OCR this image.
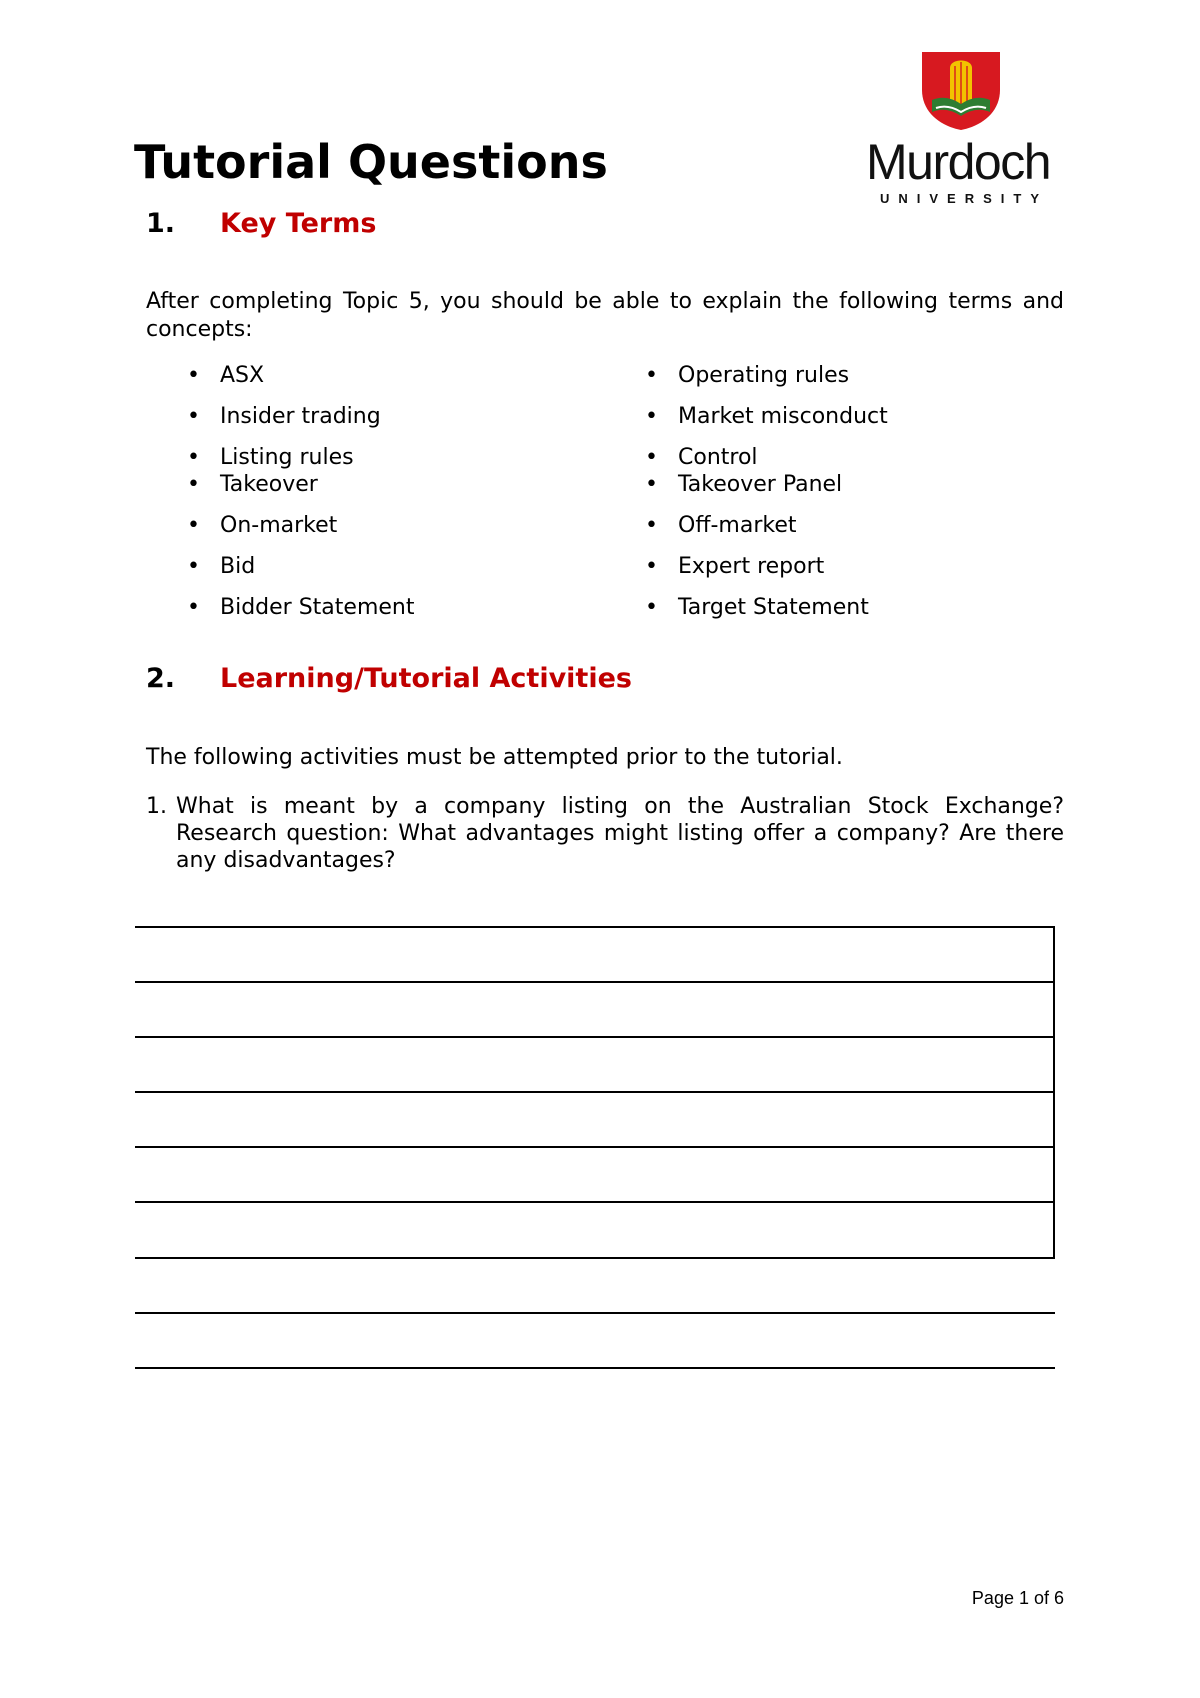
Murdoch
UNIVERSITY
Tutorial Questions
1. Key Terms

After completing Topic 5, you should be able to explain the following terms and concepts:

• ASX
• Insider trading
• Listing rules
• Takeover
• On-market
• Bid
• Bidder Statement
• Operating rules
• Market misconduct
• Control
• Takeover Panel
• Off-market
• Expert report
• Target Statement
2. Learning/Tutorial Activities

The following activities must be attempted prior to the tutorial.

1. What is meant by a company listing on the Australian Stock Exchange? Research question: What advantages might listing offer a company? Are there any disadvantages?
Page 1 of 6
